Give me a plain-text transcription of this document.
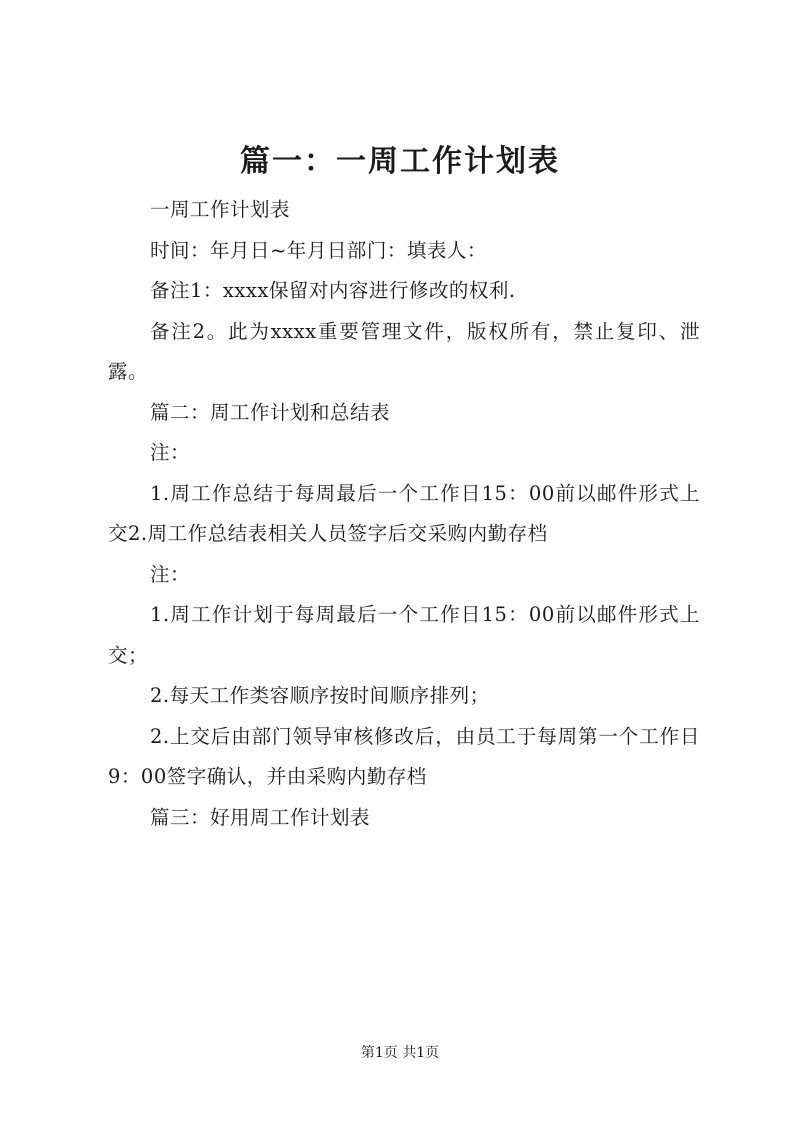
篇一：一周工作计划表

一周工作计划表

时间：年月日~年月日部门：填表人：

备注1：xxxx保留对内容进行修改的权利.

备注2。此为xxxx重要管理文件，版权所有，禁止复印、泄露。

篇二：周工作计划和总结表

注：

1.周工作总结于每周最后一个工作日15：00前以邮件形式上交2.周工作总结表相关人员签字后交采购内勤存档

注：

1.周工作计划于每周最后一个工作日15：00前以邮件形式上交；

2.每天工作类容顺序按时间顺序排列；

2.上交后由部门领导审核修改后，由员工于每周第一个工作日9：00签字确认，并由采购内勤存档

篇三：好用周工作计划表

第1页 共1页
